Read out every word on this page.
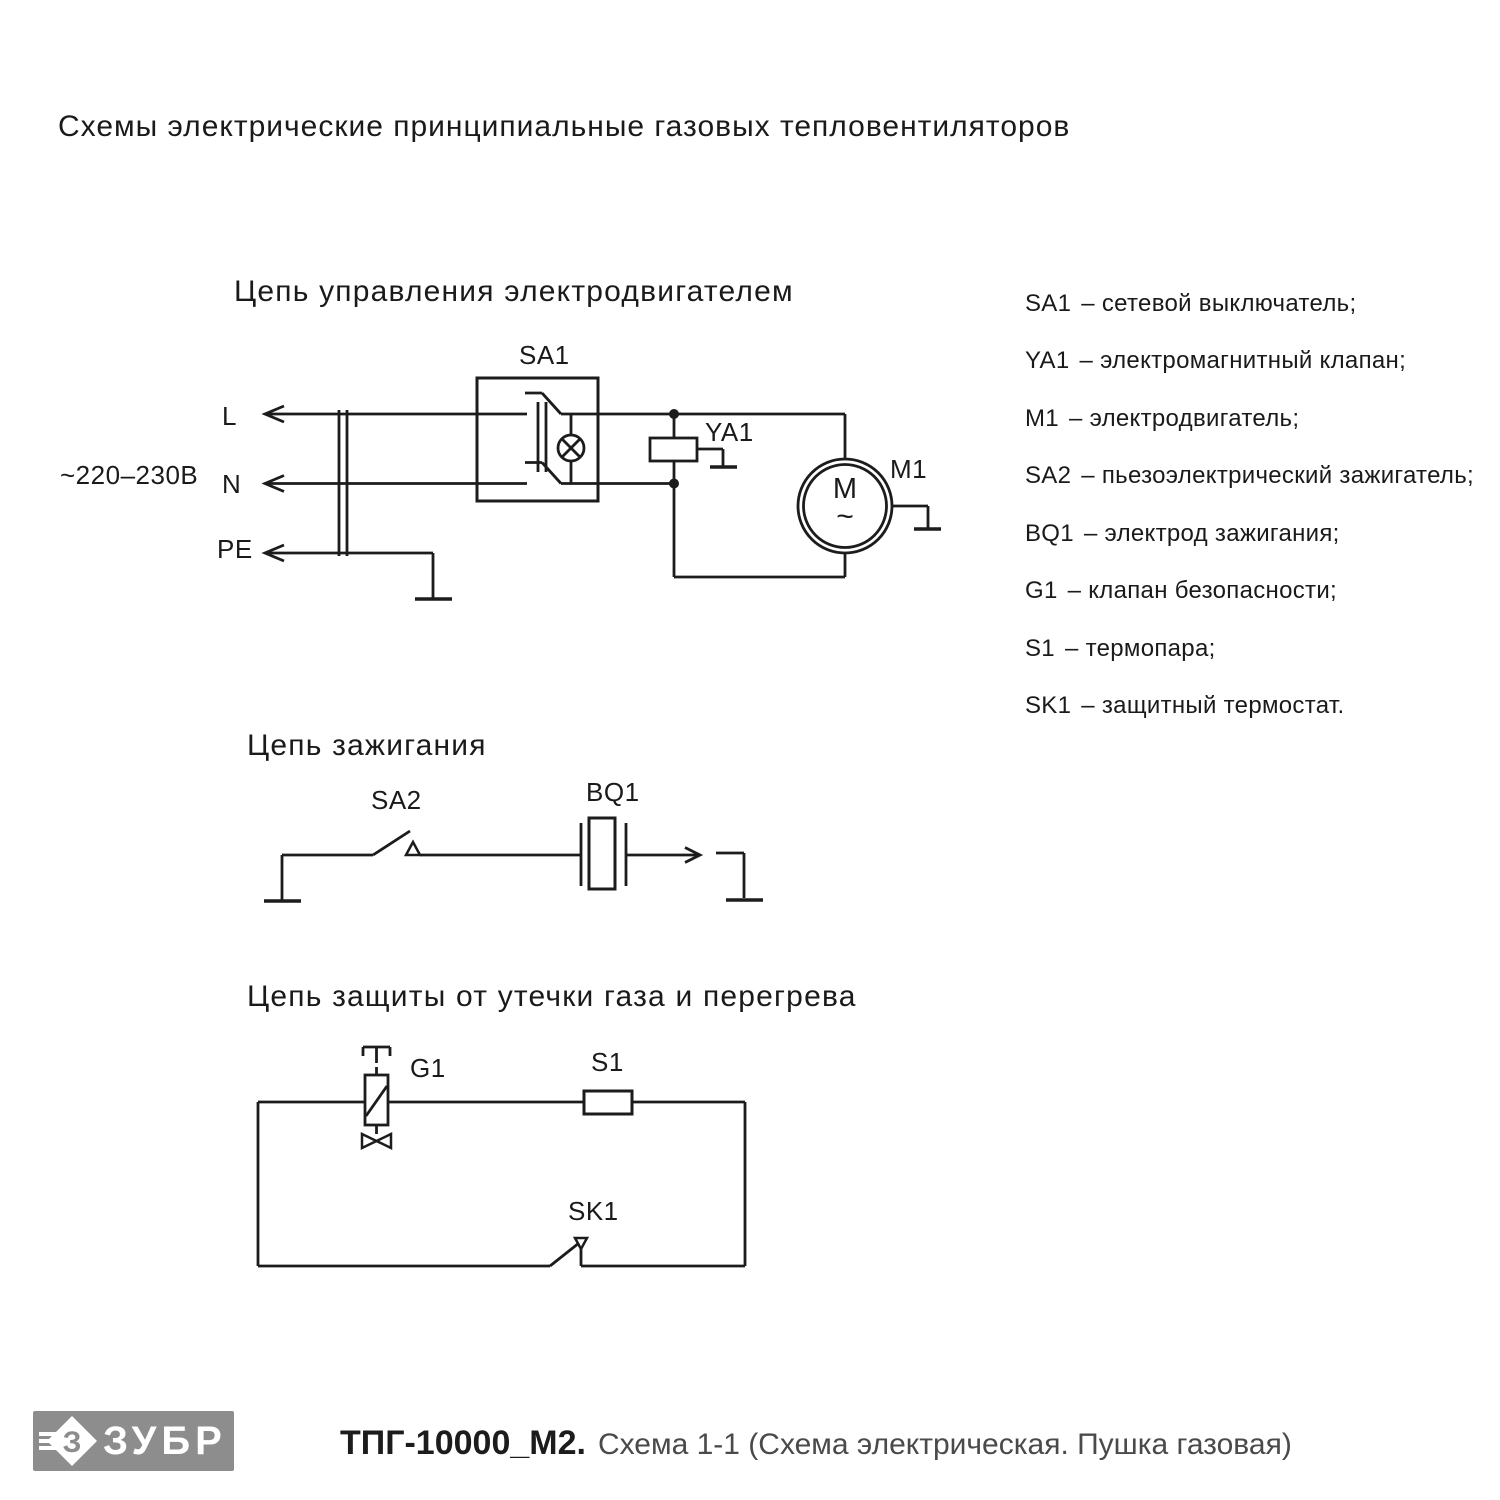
Схемы электрические принципиальные газовых тепловентиляторов
Цепь управления электродвигателем
~220–230В
L
N
PE
SA1
YA1
M1
M
~
Цепь зажигания
SA2	BQ1
Цепь защиты от утечки газа и перегрева
G1	S1
SK1
SA1 – сетевой выключатель;
YA1 – электромагнитный клапан;
M1 – электродвигатель;
SA2 – пьезоэлектрический зажигатель;
BQ1 – электрод зажигания;
G1 – клапан безопасности;
S1 – термопара;
SK1 – защитный термостат.
З ЗУБР	ТПГ-10000_М2. Схема 1-1 (Схема электрическая. Пушка газовая)
